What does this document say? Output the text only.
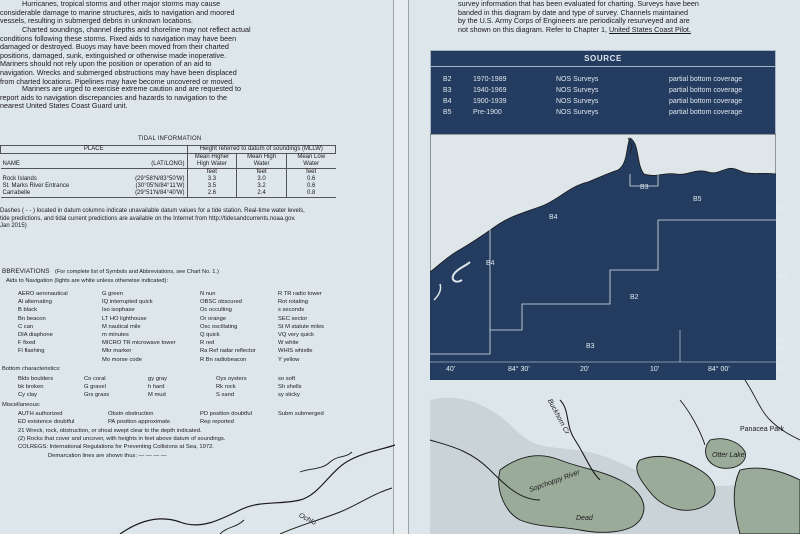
Hurricanes, tropical storms and other major storms may cause
considerable damage to marine structures, aids to navigation and moored
vessels, resulting in submerged debris in unknown locations.
Charted soundings, channel depths and shoreline may not reflect actual
conditions following these storms. Fixed aids to navigation may have been
damaged or destroyed. Buoys may have been moved from their charted
positions, damaged, sunk, extinguished or otherwise made inoperative.
Mariners should not rely upon the position or operation of an aid to
navigation. Wrecks and submerged obstructions may have been displaced
from charted locations. Pipelines may have become uncovered or moved.
Mariners are urged to exercise extreme caution and are requested to
report aids to navigation discrepancies and hazards to navigation to the
nearest United States Coast Guard unit.
TIDAL INFORMATION
PLACE		Height referred to datum of soundings (MLLW)		
NAME	(LAT/LONG)	Mean Higher High Water	Mean High Water	Mean Low Water
		feet	feet	feet
Rock Islands	(29°58'N/83°50'W)	3.3	3.0	0.6
St. Marks River Entrance	(30°05'N/84°11'W)	3.5	3.2	0.6
Carrabelle	(29°51'N/84°40'W)	2.6	2.4	0.8
Dashes ( - - ) located in datum columns indicate unavailable datum values for a tide station. Real-time water levels,
tide predictions, and tidal current predictions are available on the Internet from http://tidesandcurrents.noaa.gov.
Jan 2015)
BBREVIATIONS (For complete list of Symbols and Abbreviations, see Chart No. 1.)
Aids to Navigation (lights are white unless otherwise indicated):
AERO aeronautical
Al alternating
B black
Bn beacon
C can
DIA diaphone
F fixed
Fl flashing
G green
IQ interrupted quick
Iso isophase
LT HO lighthouse
M nautical mile
m minutes
MICRO TR microwave tower
Mkr marker
Mo morse code
N nun
OBSC obscured
Oc occulting
Or orange
Osc oscillating
Q quick
R red
Ra Ref radar reflector
R Bn radiobeacon
R TR radio tower
Rot rotating
s seconds
SEC sector
St M statute miles
VQ very quick
W white
WHIS whistle
Y yellow
Bottom characteristics:
Blds boulders
bk broken
Cy clay
Co coral
G gravel
Grs grass
gy gray
h hard
M mud
Oys oysters
Rk rock
S sand
so soft
Sh shells
sy sticky
Miscellaneous:
AUTH authorized
ED existence doubtful
Obstn obstruction
PA position approximate
PD position doubtful
Rep reported
Subm submerged
21 Wreck, rock, obstruction, or shoal swept clear to the depth indicated.
(2) Rocks that cover and uncover, with heights in feet above datum of soundings.
COLREGS: International Regulations for Preventing Collisions at Sea, 1972.
Demarcation lines are shown thus: — — — —
survey information that has been evaluated for charting. Surveys have been
banded in this diagram by date and type of survey. Channels maintained
by the U.S. Army Corps of Engineers are periodically resurveyed and are
not shown on this diagram. Refer to Chapter 1, United States Coast Pilot.
Buckhorn Cr	Panacea Park
Otter Lake
Sopchoppy River
Dead
Ochlo
SOURCE
B2	1970-1989	NOS Surveys	partial bottom coverage
B3	1940-1969	NOS Surveys	partial bottom coverage
B4	1900-1939	NOS Surveys	partial bottom coverage
B5	Pre-1900	NOS Surveys	partial bottom coverage
B3
B4
B5
B4
B2
B3
00'
50'
29°
40'
50'
40'	84° 30'	20'	10'	84° 00'
